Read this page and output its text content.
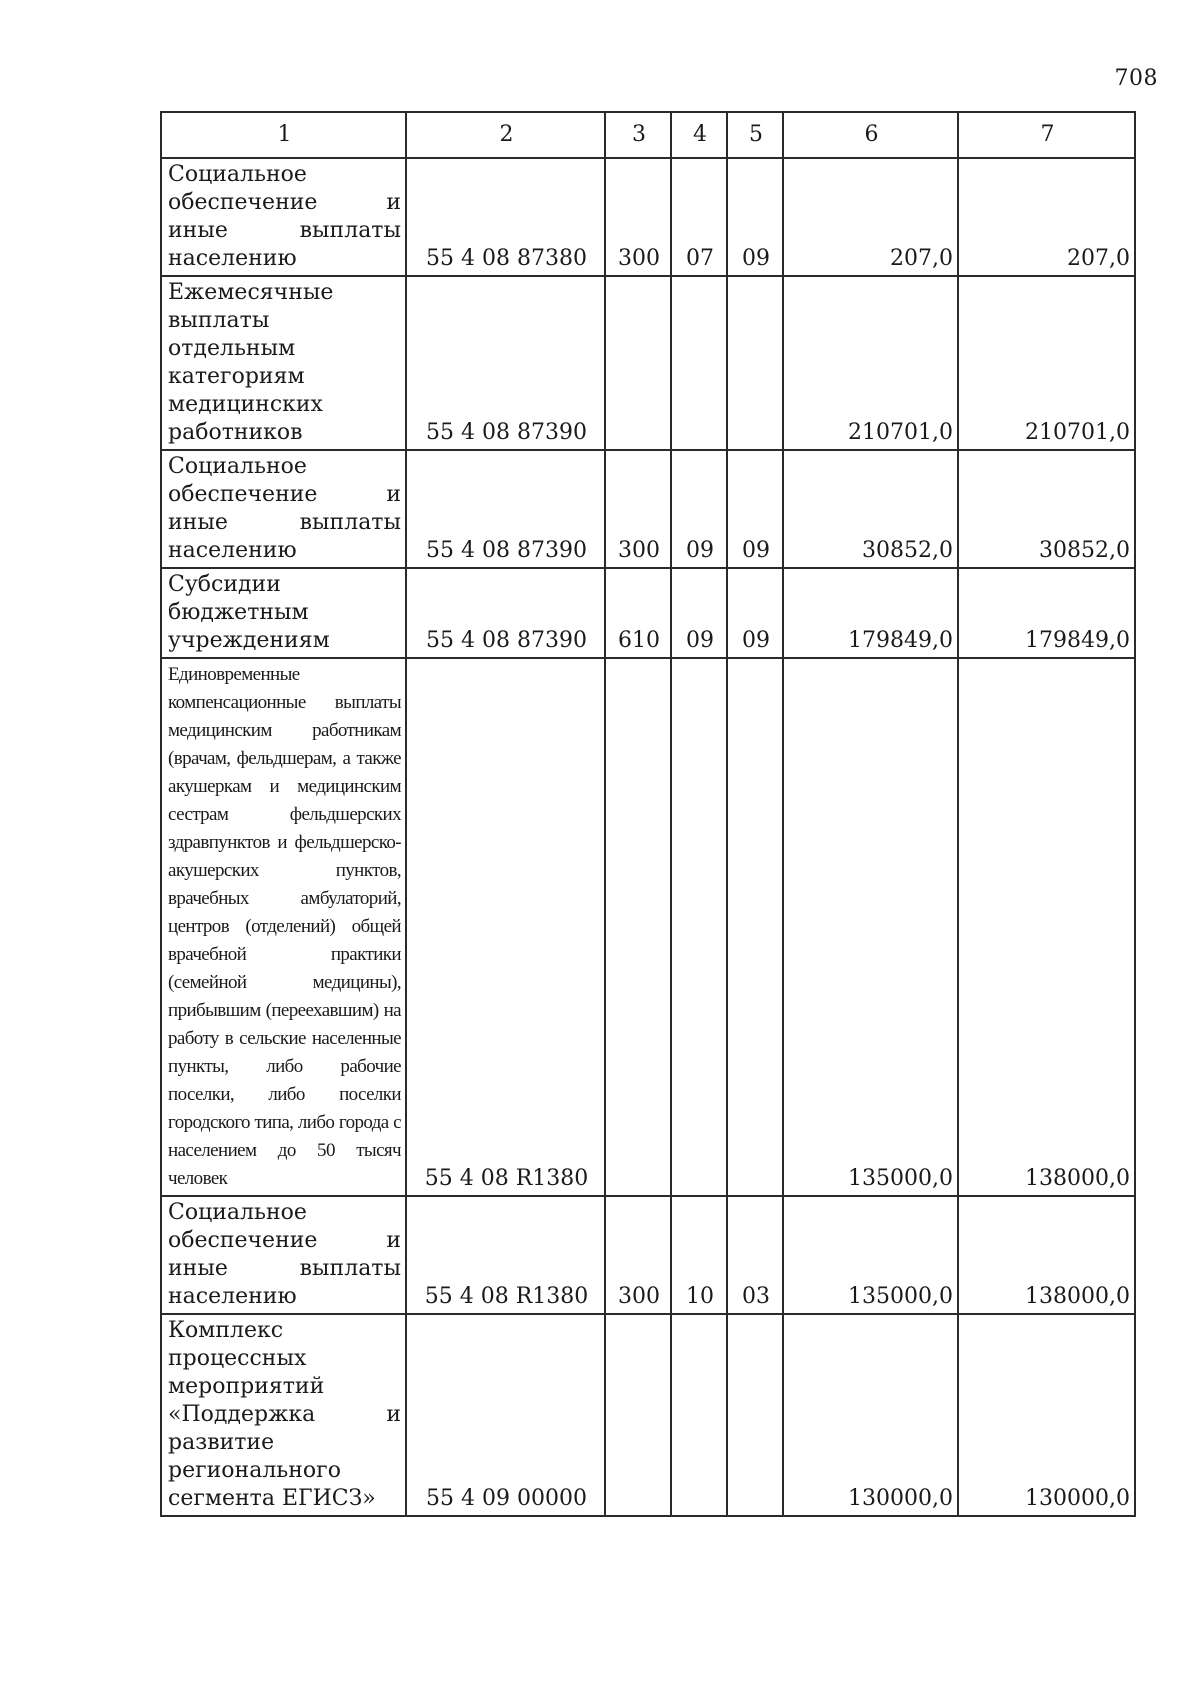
708
1	2	3	4	5	6	7
Социальное обеспечение и иные выплаты населению	55 4 08 87380	300	07	09	207,0	207,0
Ежемесячные выплаты отдельным категориям медицинских работников	55 4 08 87390				210701,0	210701,0
Социальное обеспечение и иные выплаты населению	55 4 08 87390	300	09	09	30852,0	30852,0
Субсидии бюджетным учреждениям	55 4 08 87390	610	09	09	179849,0	179849,0
Единовременные компенсационные выплаты медицинским работникам (врачам, фельдшерам, а также акушеркам и медицинским сестрам фельдшерских здравпунктов и фельдшерско-акушерских пунктов, врачебных амбулаторий, центров (отделений) общей врачебной практики (семейной медицины), прибывшим (переехавшим) на работу в сельские населенные пункты, либо рабочие поселки, либо поселки городского типа, либо города с населением до 50 тысяч человек	55 4 08 R1380				135000,0	138000,0
Социальное обеспечение и иные выплаты населению	55 4 08 R1380	300	10	03	135000,0	138000,0
Комплекс процессных мероприятий «Поддержка и развитие регионального сегмента ЕГИСЗ»	55 4 09 00000				130000,0	130000,0
